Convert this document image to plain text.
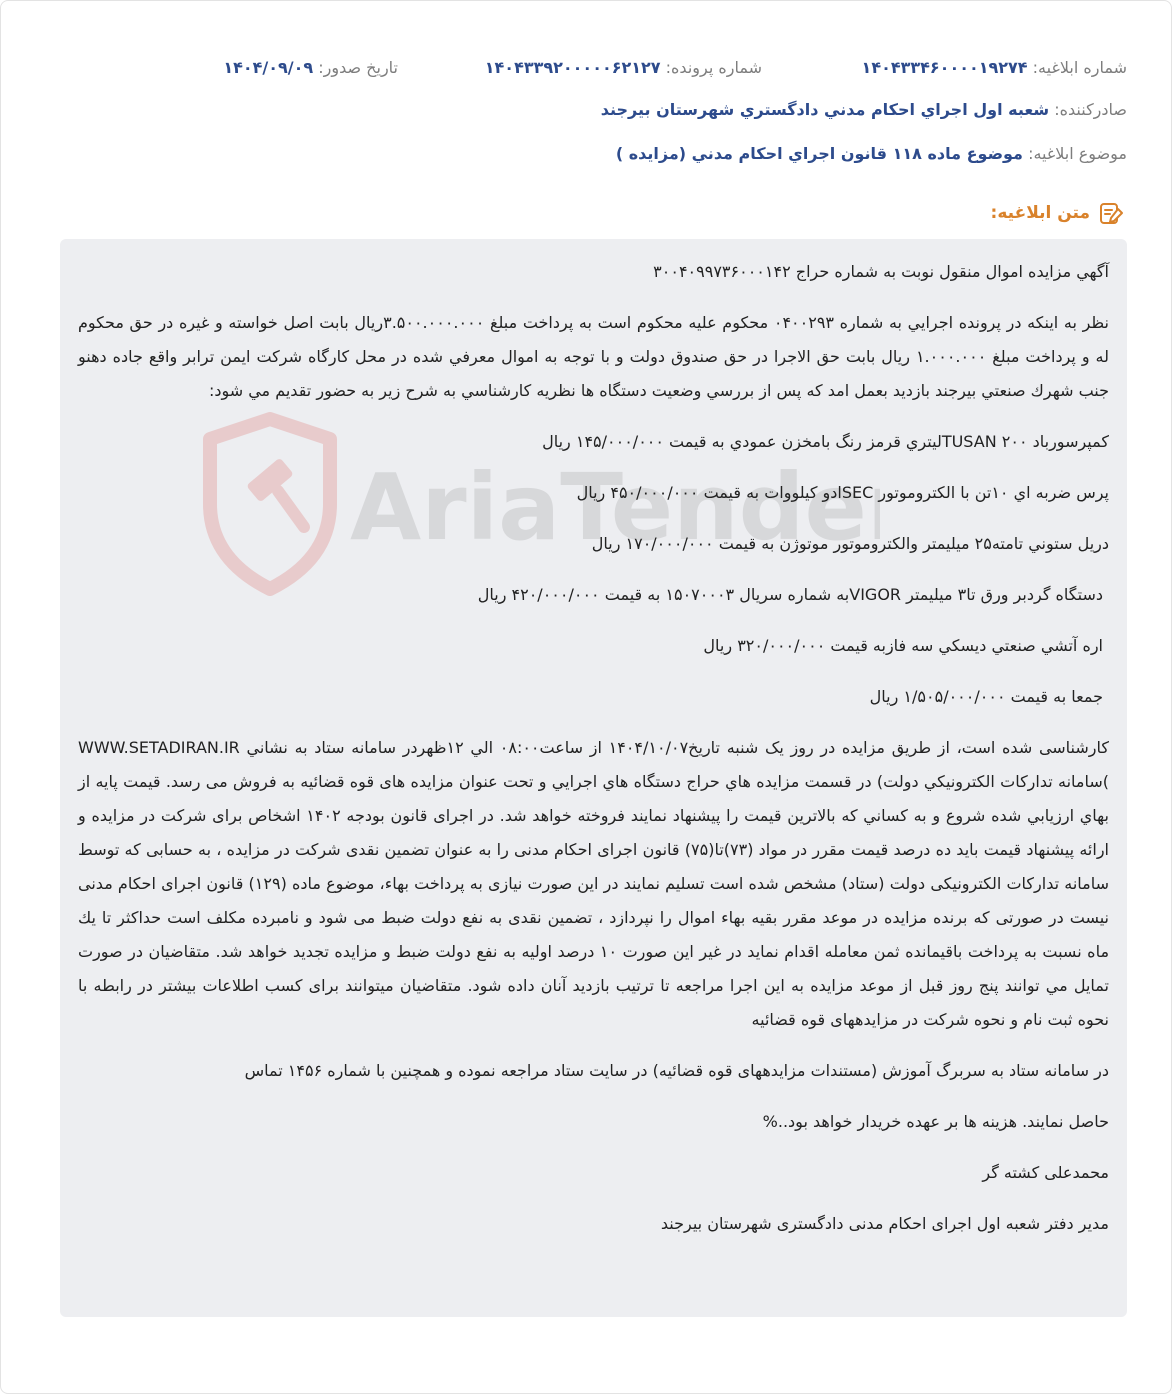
شماره ابلاغيه: ۱۴۰۴۳۳۴۶۰۰۰۰۱۹۲۷۴
شماره پرونده: ۱۴۰۴۳۳۹۲۰۰۰۰۰۶۲۱۲۷
تاريخ صدور: ۱۴۰۴/۰۹/۰۹
صادرکننده: شعبه اول اجراي احکام مدني دادگستري شهرستان بيرجند
موضوع ابلاغيه: موضوع ماده ۱۱۸ قانون اجراي احکام مدني (مزايده )
متن ابلاغيه:
AriaTende

آگهي مزايده اموال منقول نوبت به شماره حراج ۳۰۰۴۰۹۹۷۳۶۰۰۰۱۴۲

نظر به اينکه در پرونده اجرايي به شماره ۰۴۰۰۲۹۳ محکوم عليه محکوم است به پرداخت مبلغ ۳.۵۰۰.۰۰۰.۰۰۰ريال بابت اصل خواسته و غيره در حق محکوم له و پرداخت مبلغ ۱.۰۰۰.۰۰۰ ريال بابت حق الاجرا در حق صندوق دولت و با توجه به اموال معرفي شده در محل کارگاه شرکت ايمن ترابر واقع جاده دهنو جنب شهرك صنعتي بيرجند بازديد بعمل امد كه پس از بررسي وضعيت دستگاه ها نظريه كارشناسي به شرح زير به حضور تقديم مي شود:

کمپرسورباد TUSAN ۲۰۰ليتري قرمز رنگ بامخزن عمودي به قيمت ۱۴۵/۰۰۰/۰۰۰ ريال

پرس ضربه اي ۱۰تن با الكتروموتور SECادو كيلووات به قيمت ۴۵۰/۰۰۰/۰۰۰ ريال

دريل ستوني تامته۲۵ ميليمتر والكتروموتور موتوژن به قيمت ۱۷۰/۰۰۰/۰۰۰ ريال

دستگاه گردبر ورق تا۳ ميليمتر VIGORبه شماره سريال ۱۵۰۷۰۰۰۳ به قيمت ۴۲۰/۰۰۰/۰۰۰ ريال

اره آتشي صنعتي ديسكي سه فازبه قيمت ۳۲۰/۰۰۰/۰۰۰ ريال

جمعا به قيمت ۱/۵۰۵/۰۰۰/۰۰۰ ريال

کارشناسی شده است، از طريق مزايده در روز یک شنبه تاريخ۱۴۰۴/۱۰/۰۷ از ساعت۰۸:۰۰ الي ۱۲ظهردر سامانه ستاد به نشاني WWW.SETADIRAN.IR )سامانه تدارکات الکترونيکي دولت) در قسمت مزايده هاي حراج دستگاه هاي اجرايي و تحت عنوان مزايده های قوه قضائيه به فروش می رسد. قيمت پايه از بهاي ارزيابي شده شروع و به کساني که بالاترين قيمت را پيشنهاد نمايند فروخته خواهد شد. در اجرای قانون بودجه ۱۴۰۲ اشخاص برای شرکت در مزايده و ارائه پيشنهاد قيمت بايد ده درصد قيمت مقرر در مواد (۷۳)تا(۷۵) قانون اجرای احکام مدنی را به عنوان تضمين نقدی شرکت در مزايده ، به حسابی که توسط سامانه تدارکات الکترونيکی دولت (ستاد) مشخص شده است تسليم نمايند در اين صورت نيازی به پرداخت بهاء، موضوع ماده (۱۲۹) قانون اجرای احکام مدنی نيست در صورتی که برنده مزايده در موعد مقرر بقيه بهاء اموال را نپردازد ، تضمين نقدی به نفع دولت ضبط می شود و نامبرده مکلف است حداکثر تا یك ماه نسبت به پرداخت باقیمانده ثمن معامله اقدام نماید در غیر این صورت ۱۰ درصد اولیه به نفع دولت ضبط و مزایده تجدید خواهد شد. متقاضيان در صورت تمايل مي توانند پنج روز قبل از موعد مزايده به اين اجرا مراجعه تا ترتيب بازديد آنان داده شود. متقاضيان ميتوانند برای کسب اطلاعات بيشتر در رابطه با نحوه ثبت نام و نحوه شرکت در مزايدههای قوه قضائيه

در سامانه ستاد به سربرگ آموزش (مستندات مزايدههای قوه قضائيه) در سايت ستاد مراجعه نموده و همچنين با شماره ۱۴۵۶ تماس

حاصل نمايند. هزينه ها بر عهده خريدار خواهد بود..%

محمدعلی کشته گر

مدير دفتر شعبه اول اجرای احکام مدنی دادگستری شهرستان بيرجند
